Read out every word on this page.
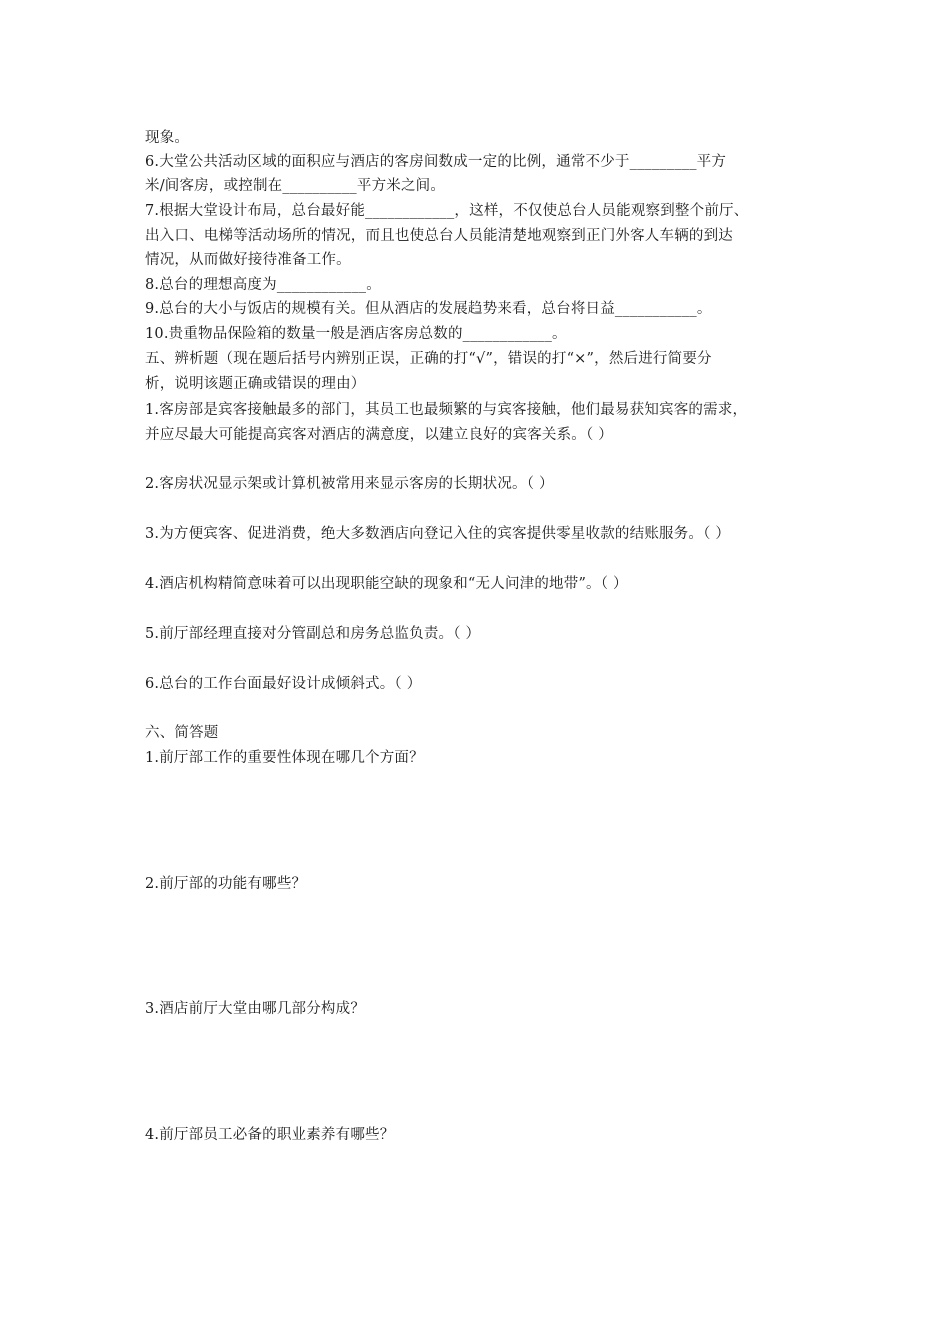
现象。
6.大堂公共活动区域的面积应与酒店的客房间数成一定的比例，通常不少于_________平方
米/间客房，或控制在__________平方米之间。
7.根据大堂设计布局，总台最好能____________，这样，不仅使总台人员能观察到整个前厅、
出入口、电梯等活动场所的情况，而且也使总台人员能清楚地观察到正门外客人车辆的到达
情况，从而做好接待准备工作。
8.总台的理想高度为____________。
9.总台的大小与饭店的规模有关。但从酒店的发展趋势来看，总台将日益___________。
10.贵重物品保险箱的数量一般是酒店客房总数的____________。
五、辨析题（现在题后括号内辨别正误，正确的打“√”，错误的打“×”，然后进行简要分
析，说明该题正确或错误的理由）
1.客房部是宾客接触最多的部门，其员工也最频繁的与宾客接触，他们最易获知宾客的需求，
并应尽最大可能提高宾客对酒店的满意度，以建立良好的宾客关系。（ ）
2.客房状况显示架或计算机被常用来显示客房的长期状况。（ ）
3.为方便宾客、促进消费，绝大多数酒店向登记入住的宾客提供零星收款的结账服务。（ ）
4.酒店机构精简意味着可以出现职能空缺的现象和“无人问津的地带”。（ ）
5.前厅部经理直接对分管副总和房务总监负责。（ ）
6.总台的工作台面最好设计成倾斜式。（ ）
六、简答题
1.前厅部工作的重要性体现在哪几个方面？
2.前厅部的功能有哪些？
3.酒店前厅大堂由哪几部分构成？
4.前厅部员工必备的职业素养有哪些？
